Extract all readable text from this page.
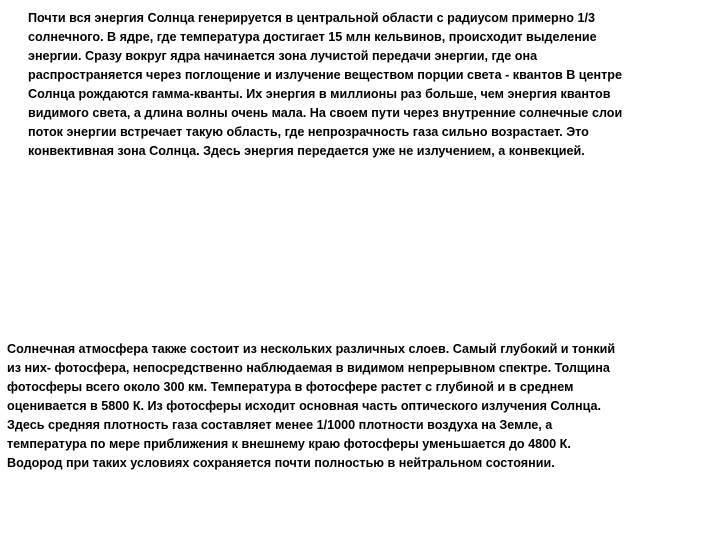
Почти вся энергия Солнца генерируется в центральной области с радиусом примерно 1/3
солнечного. В ядре, где температура достигает 15 млн кельвинов, происходит выделение
энергии. Сразу вокруг ядра начинается зона лучистой передачи энергии, где она
распространяется через поглощение и излучение веществом порции света - квантов В центре
Солнца рождаются гамма-кванты. Их энергия в миллионы раз больше, чем энергия квантов
видимого света, а длина волны очень мала. На своем пути через внутренние солнечные слои
поток энергии встречает такую область, где непрозрачность газа сильно возрастает. Это
конвективная зона Солнца. Здесь энергия передается уже не излучением, а конвекцией.
Солнечная атмосфера также состоит из нескольких различных слоев. Самый глубокий и тонкий
из них- фотосфера, непосредственно наблюдаемая в видимом непрерывном спектре. Толщина
фотосферы всего около 300 км. Температура в фотосфере растет с глубиной и в среднем
оценивается в 5800 К. Из фотосферы исходит основная часть оптического излучения Солнца.
Здесь средняя плотность газа составляет менее 1/1000 плотности воздуха на Земле, а
температура по мере приближения к внешнему краю фотосферы уменьшается до 4800 К.
Водород при таких условиях сохраняется почти полностью в нейтральном состоянии.
